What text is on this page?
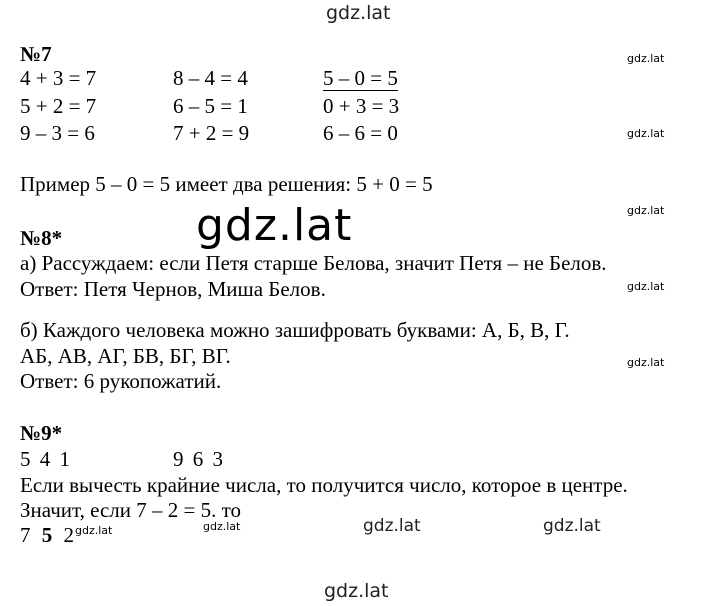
gdz.lat
gdz.lat
gdz.lat
gdz.lat
gdz.lat
gdz.lat
gdz.lat
gdz.lat
gdz.lat	gdz.lat	gdz.lat	gdz.lat
№7
4 + 3 = 7	8 – 4 = 4	5 – 0 = 5
5 + 2 = 7	6 – 5 = 1	0 + 3 = 3
9 – 3 = 6	7 + 2 = 9	6 – 6 = 0
Пример 5 – 0 = 5 имеет два решения: 5 + 0 = 5
№8*
а) Рассуждаем: если Петя старше Белова, значит Петя – не Белов.
Ответ: Петя Чернов, Миша Белов.
б) Каждого человека можно зашифровать буквами: А, Б, В, Г.
АБ, АВ, АГ, БВ, БГ, ВГ.
Ответ: 6 рукопожатий.
№9*
5 4 1	9 6 3
Если вычесть крайние числа, то получится число, которое в центре.
Значит, если 7 – 2 = 5. то
7 5 2
